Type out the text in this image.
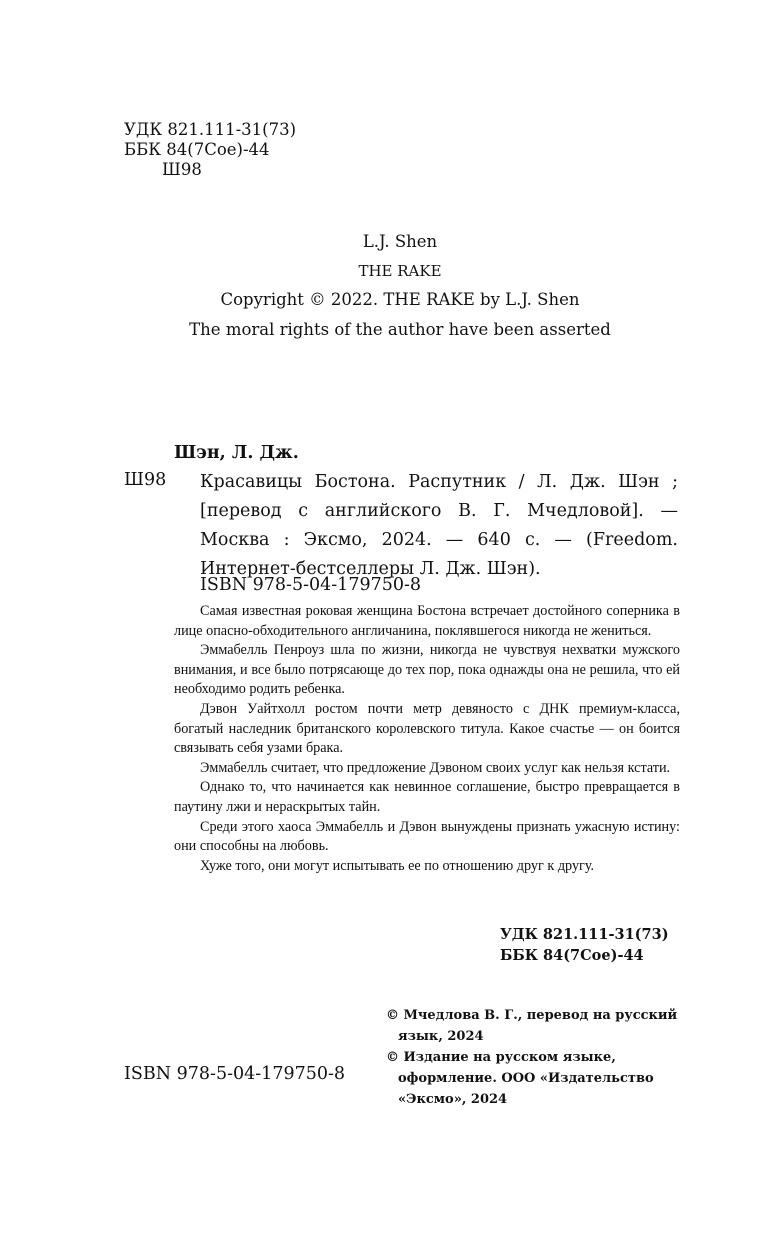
УДК 821.111-31(73)
ББК 84(7Сое)-44
Ш98
L.J. Shen
THE RAKE
Copyright © 2022. THE RAKE by L.J. Shen
The moral rights of the author have been asserted
Шэн, Л. Дж.
Ш98 Красавицы Бостона. Распутник / Л. Дж. Шэн ; [перевод с английского В. Г. Мчедловой]. — Москва : Эксмо, 2024. — 640 с. — (Freedom. Интернет-бестселлеры Л. Дж. Шэн).

ISBN 978-5-04-179750-8

Самая известная роковая женщина Бостона встречает достойного соперника в лице опасно-обходительного англичанина, поклявшегося никогда не жениться.

Эммабелль Пенроуз шла по жизни, никогда не чувствуя нехватки мужского внимания, и все было потрясающе до тех пор, пока однажды она не решила, что ей необходимо родить ребенка.

Дэвон Уайтхолл ростом почти метр девяносто с ДНК премиум-класса, богатый наследник британского королевского титула. Какое счастье — он боится связывать себя узами брака.

Эммабелль считает, что предложение Дэвоном своих услуг как нельзя кстати.

Однако то, что начинается как невинное соглашение, быстро превращается в паутину лжи и нераскрытых тайн.

Среди этого хаоса Эммабелль и Дэвон вынуждены признать ужасную истину: они способны на любовь.

Хуже того, они могут испытывать ее по отношению друг к другу.

УДК 821.111-31(73)
ББК 84(7Сое)-44

© Мчедлова В. Г., перевод на русский язык, 2024

© Издание на русском языке, оформление. ООО «Издательство «Эксмо», 2024

ISBN 978-5-04-179750-8
